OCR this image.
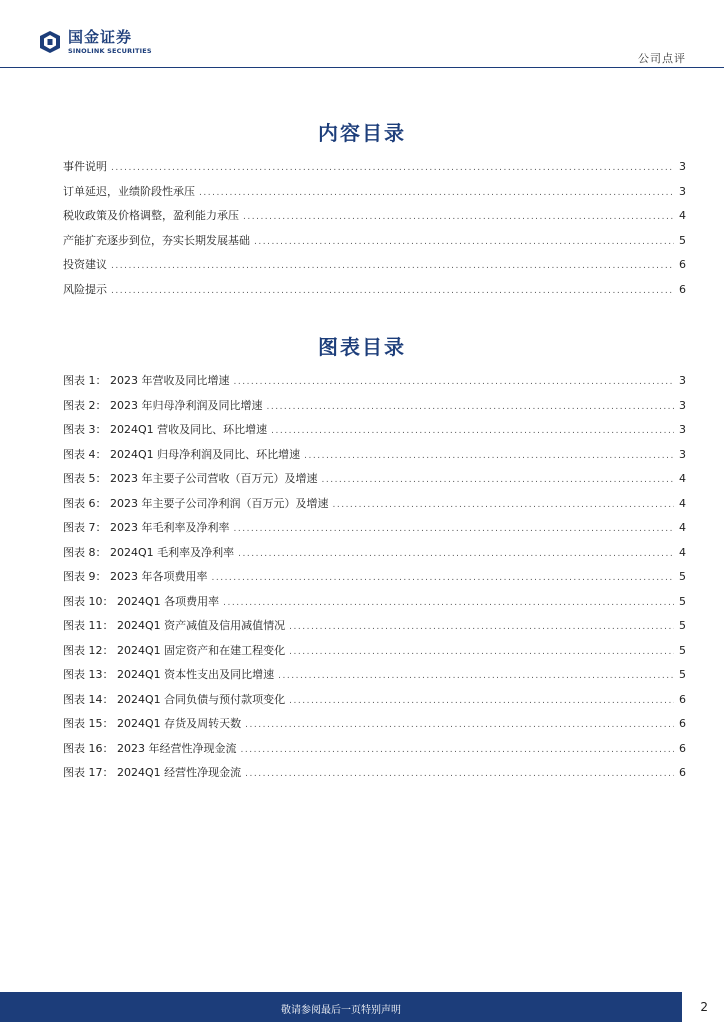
国金证券
SINOLINK SECURITIES
公司点评
内容目录
事件说明 .....	3
订单延迟，业绩阶段性承压 .....	3
税收政策及价格调整，盈利能力承压 .....	4
产能扩充逐步到位，夯实长期发展基础 .....	5
投资建议 .....	6
风险提示 .....	6
图表目录
图表 1： 2023 年营收及同比增速 .....	3
图表 2： 2023 年归母净利润及同比增速 .....	3
图表 3： 2024Q1 营收及同比、环比增速 .....	3
图表 4： 2024Q1 归母净利润及同比、环比增速 .....	3
图表 5： 2023 年主要子公司营收（百万元）及增速 .....	4
图表 6： 2023 年主要子公司净利润（百万元）及增速 .....	4
图表 7： 2023 年毛利率及净利率 .....	4
图表 8： 2024Q1 毛利率及净利率 .....	4
图表 9： 2023 年各项费用率 .....	5
图表 10： 2024Q1 各项费用率 .....	5
图表 11： 2024Q1 资产减值及信用减值情况 .....	5
图表 12： 2024Q1 固定资产和在建工程变化 .....	5
图表 13： 2024Q1 资本性支出及同比增速 .....	5
图表 14： 2024Q1 合同负债与预付款项变化 .....	6
图表 15： 2024Q1 存货及周转天数 .....	6
图表 16： 2023 年经营性净现金流 .....	6
图表 17： 2024Q1 经营性净现金流 .....	6
敬请参阅最后一页特别声明	2
